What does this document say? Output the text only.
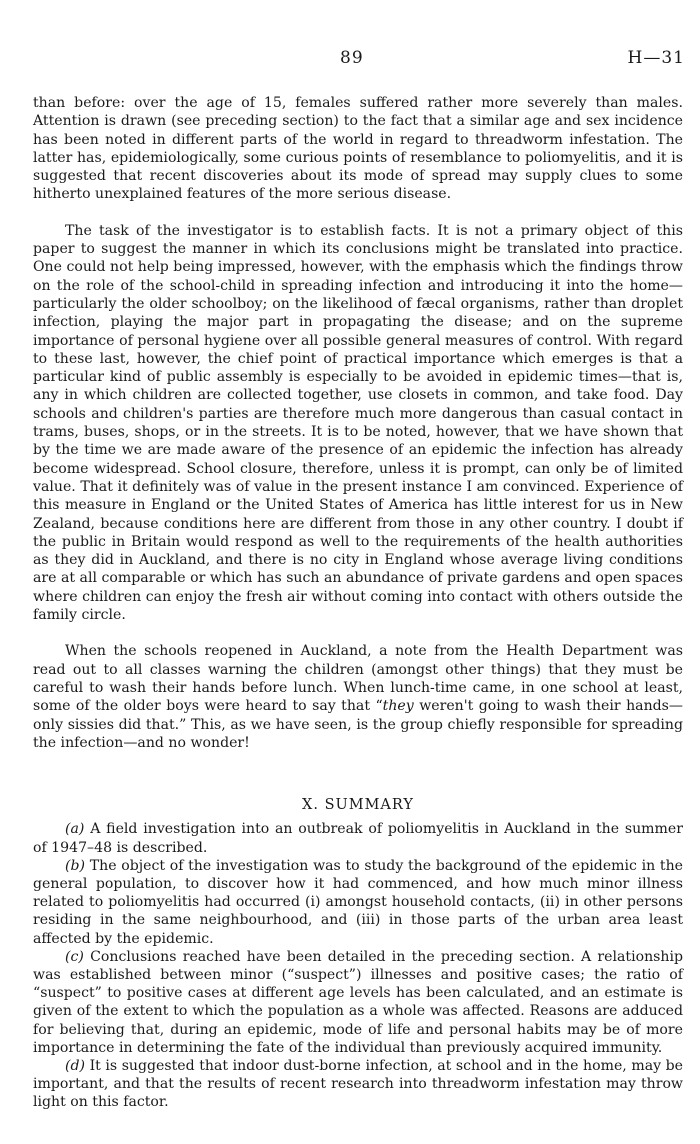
89	H—31

than before: over the age of 15, females suffered rather more severely than males. Attention is drawn (see preceding section) to the fact that a similar age and sex incidence has been noted in different parts of the world in regard to threadworm infestation. The latter has, epidemiologically, some curious points of resemblance to poliomyelitis, and it is suggested that recent discoveries about its mode of spread may supply clues to some hitherto unexplained features of the more serious disease.

The task of the investigator is to establish facts. It is not a primary object of this paper to suggest the manner in which its conclusions might be translated into practice. One could not help being impressed, however, with the emphasis which the findings throw on the role of the school-child in spreading infection and introducing it into the home—particularly the older schoolboy; on the likelihood of fæcal organisms, rather than droplet infection, playing the major part in propagating the disease; and on the supreme importance of personal hygiene over all possible general measures of control. With regard to these last, however, the chief point of practical importance which emerges is that a particular kind of public assembly is especially to be avoided in epidemic times—that is, any in which children are collected together, use closets in common, and take food. Day schools and children's parties are therefore much more dangerous than casual contact in trams, buses, shops, or in the streets. It is to be noted, however, that we have shown that by the time we are made aware of the presence of an epidemic the infection has already become widespread. School closure, therefore, unless it is prompt, can only be of limited value. That it definitely was of value in the present instance I am convinced. Experience of this measure in England or the United States of America has little interest for us in New Zealand, because conditions here are different from those in any other country. I doubt if the public in Britain would respond as well to the requirements of the health authorities as they did in Auckland, and there is no city in England whose average living conditions are at all comparable or which has such an abundance of private gardens and open spaces where children can enjoy the fresh air without coming into contact with others outside the family circle.

When the schools reopened in Auckland, a note from the Health Department was read out to all classes warning the children (amongst other things) that they must be careful to wash their hands before lunch. When lunch-time came, in one school at least, some of the older boys were heard to say that “they weren't going to wash their hands—only sissies did that.” This, as we have seen, is the group chiefly responsible for spreading the infection—and no wonder!

X. SUMMARY

(a) A field investigation into an outbreak of poliomyelitis in Auckland in the summer of 1947–48 is described.

(b) The object of the investigation was to study the background of the epidemic in the general population, to discover how it had commenced, and how much minor illness related to poliomyelitis had occurred (i) amongst household contacts, (ii) in other persons residing in the same neighbourhood, and (iii) in those parts of the urban area least affected by the epidemic.

(c) Conclusions reached have been detailed in the preceding section. A relationship was established between minor (“suspect”) illnesses and positive cases; the ratio of “suspect” to positive cases at different age levels has been calculated, and an estimate is given of the extent to which the population as a whole was affected. Reasons are adduced for believing that, during an epidemic, mode of life and personal habits may be of more importance in determining the fate of the individual than previously acquired immunity.

(d) It is suggested that indoor dust-borne infection, at school and in the home, may be important, and that the results of recent research into threadworm infestation may throw light on this factor.
